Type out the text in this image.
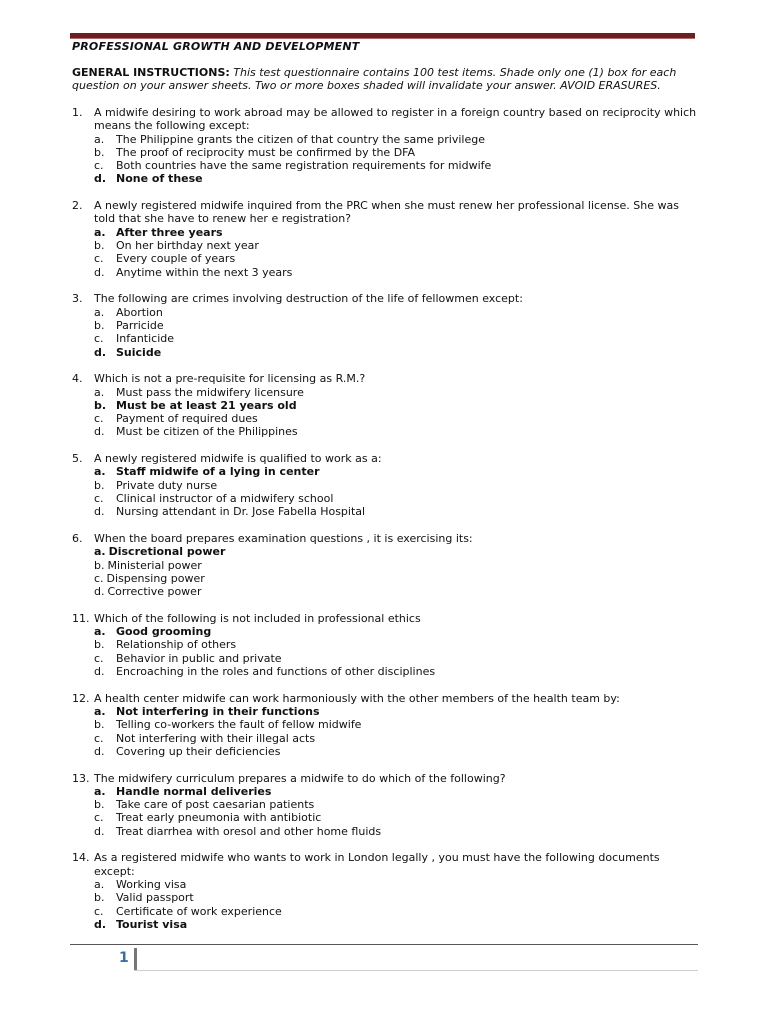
PROFESSIONAL GROWTH AND DEVELOPMENT
GENERAL INSTRUCTIONS: This test questionnaire contains 100 test items. Shade only one (1) box for each question on your answer sheets. Two or more boxes shaded will invalidate your answer. AVOID ERASURES.
1.	A midwife desiring to work abroad may be allowed to register in a foreign country based on reciprocity which means the following except:
a.	The Philippine grants the citizen of that country the same privilege
b.	The proof of reciprocity must be confirmed by the DFA
c.	Both countries have the same registration requirements for midwife
d. None of these
2.	A newly registered midwife inquired from the PRC when she must renew her professional license. She was told that she have to renew her e registration?
a. After three years
b.	On her birthday next year
c.	Every couple of years
d.	Anytime within the next 3 years
3.	The following are crimes involving destruction of the life of fellowmen except:
a.	Abortion
b.	Parricide
c.	Infanticide
d. Suicide
4.	Which is not a pre-requisite for licensing as R.M.?
a.	Must pass the midwifery licensure
b. Must be at least 21 years old
c.	Payment of required dues
d.	Must be citizen of the Philippines
5.	A newly registered midwife is qualified to work as a:
a. Staff midwife of a lying in center
b.	Private duty nurse
c.	Clinical instructor of a midwifery school
d.	Nursing attendant in Dr. Jose Fabella Hospital
6.	When the board prepares examination questions , it is exercising its:
a. Discretional power
b. Ministerial power
c. Dispensing power
d. Corrective power
11. Which of the following is not included in professional ethics
a. Good grooming
b.	Relationship of others
c.	Behavior in public and private
d.	Encroaching in the roles and functions of other disciplines
12. A health center midwife can work harmoniously with the other members of the health team by:
a. Not interfering in their functions
b.	Telling co-workers the fault of fellow midwife
c.	Not interfering with their illegal acts
d.	Covering up their deficiencies
13. The midwifery curriculum prepares a midwife to do which of the following?
a. Handle normal deliveries
b.	Take care of post caesarian patients
c.	Treat early pneumonia with antibiotic
d.	Treat diarrhea with oresol and other home fluids
14. As a registered midwife who wants to work in London legally , you must have the following documents except:
a.	Working visa
b.	Valid passport
c.	Certificate of work experience
d. Tourist visa
1
